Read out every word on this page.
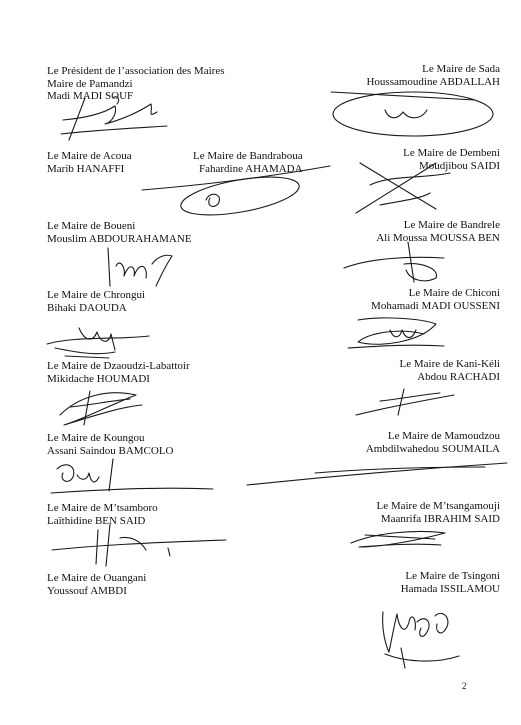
Le Président de l’association des Maires
Maire de Pamandzi
Madi MADI SOUF
Le Maire de Sada
Houssamoudine ABDALLAH
Le Maire de Acoua
Marib HANAFFI
Le Maire de Bandraboua
Fahardine AHAMADA
Le Maire de Dembeni
Moudjibou SAIDI
Le Maire de Boueni
Mouslim ABDOURAHAMANE
Le Maire de Bandrele
Ali Moussa MOUSSA BEN
Le Maire de Chrongui
Bihaki DAOUDA
Le Maire de Chiconi
Mohamadi MADI OUSSENI
Le Maire de Dzaoudzi-Labattoir
Mikidache HOUMADI
Le Maire de Kani-Kéli
Abdou RACHADI
Le Maire de Koungou
Assani Saindou BAMCOLO
Le Maire de Mamoudzou
Ambdilwahedou SOUMAILA
Le Maire de M’tsamboro
Laïthidine BEN SAID
Le Maire de M’tsangamouji
Maanrifa IBRAHIM SAID
Le Maire de Ouangani
Youssouf AMBDI
Le Maire de Tsingoni
Hamada ISSILAMOU
2
